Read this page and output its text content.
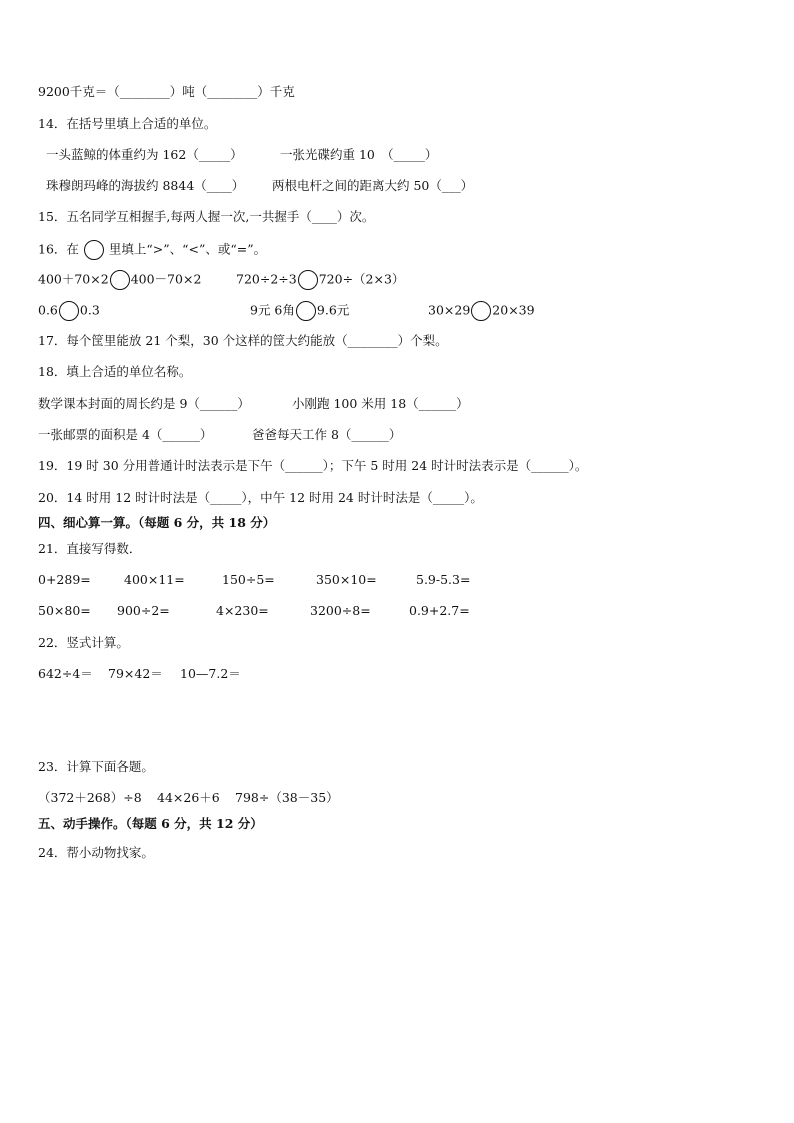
9200千克＝（________）吨（________）千克
14．在括号里填上合适的单位。
一头蓝鲸的体重约为 162（_____）	一张光碟约重 10　（_____）
珠穆朗玛峰的海拔约 8844（____） 两根电杆之间的距离大约 50（___）
15．五名同学互相握手,每两人握一次,一共握手（____）次。
16．在 里填上“>”、“<”、或“=”。
400＋70×2 400－70×2	720÷2÷3 720÷（2×3）
0.6 0.3	9元 6角 9.6元	30×29 20×39
17．每个筐里能放 21 个梨，30 个这样的筐大约能放（________）个梨。
18．填上合适的单位名称。
数学课本封面的周长约是 9（______）	小刚跑 100 米用 18（______）
一张邮票的面积是 4（______）	爸爸每天工作 8（______）
19．19 时 30 分用普通计时法表示是下午（______）；下午 5 时用 24 时计时法表示是（______）。
20．14 时用 12 时计时法是（_____），中午 12 时用 24 时计时法是（_____）。
四、细心算一算。（每题 6 分，共 18 分）
21．直接写得数．
0+289=	400×11=	150÷5=	350×10=	5.9-5.3=
50×80= 900÷2=	4×230=	3200÷8=	0.9+2.7=
22．竖式计算。
642÷4＝ 79×42＝ 10—7.2＝
23．计算下面各题。
（372＋268）÷8 44×26＋6 798÷（38－35）
五、动手操作。（每题 6 分，共 12 分）
24．帮小动物找家。
